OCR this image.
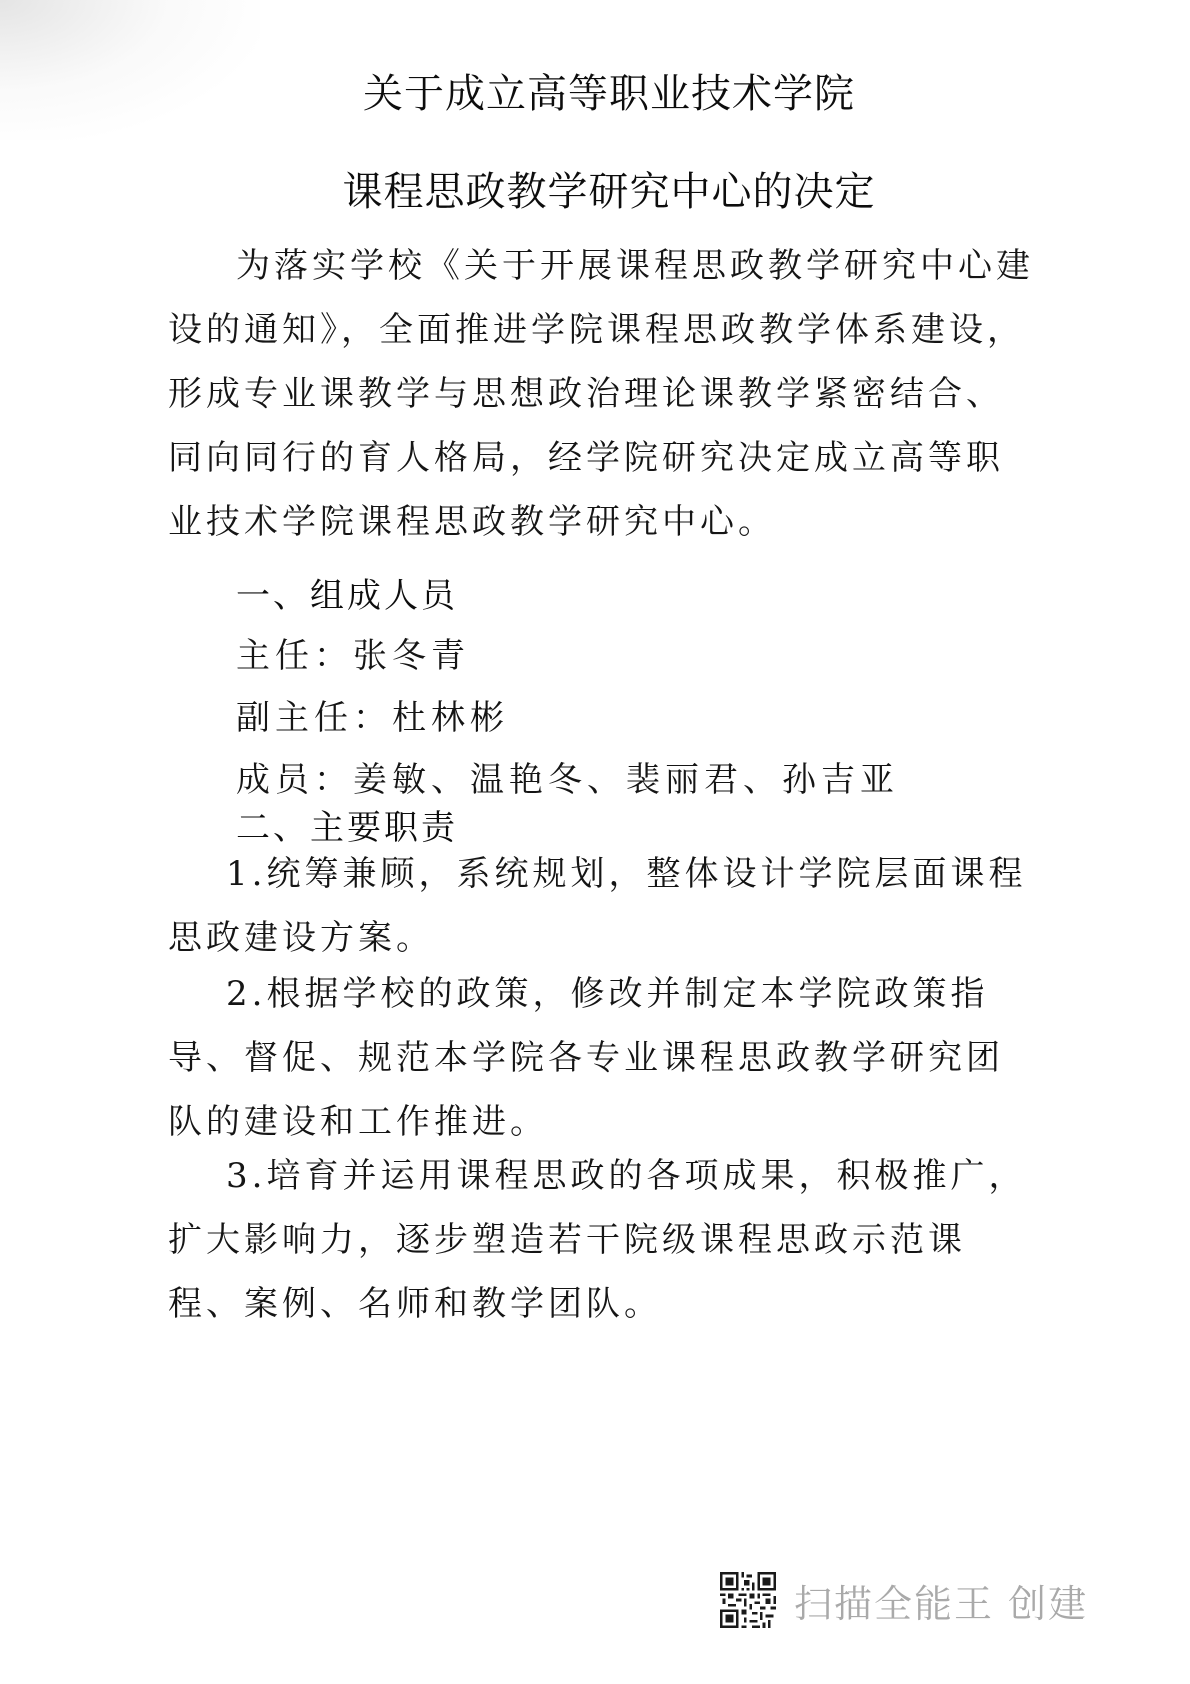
关于成立高等职业技术学院
课程思政教学研究中心的决定
为落实学校《关于开展课程思政教学研究中心建设的通知》，全面推进学院课程思政教学体系建设，形成专业课教学与思想政治理论课教学紧密结合、同向同行的育人格局，经学院研究决定成立高等职业技术学院课程思政教学研究中心。
一、组成人员
主任：张冬青
副主任：杜林彬
成员：姜敏、温艳冬、裴丽君、孙吉亚
二、主要职责
1.统筹兼顾，系统规划，整体设计学院层面课程思政建设方案。
2.根据学校的政策，修改并制定本学院政策指导、督促、规范本学院各专业课程思政教学研究团队的建设和工作推进。
3.培育并运用课程思政的各项成果，积极推广，扩大影响力，逐步塑造若干院级课程思政示范课程、案例、名师和教学团队。
扫描全能王 创建
